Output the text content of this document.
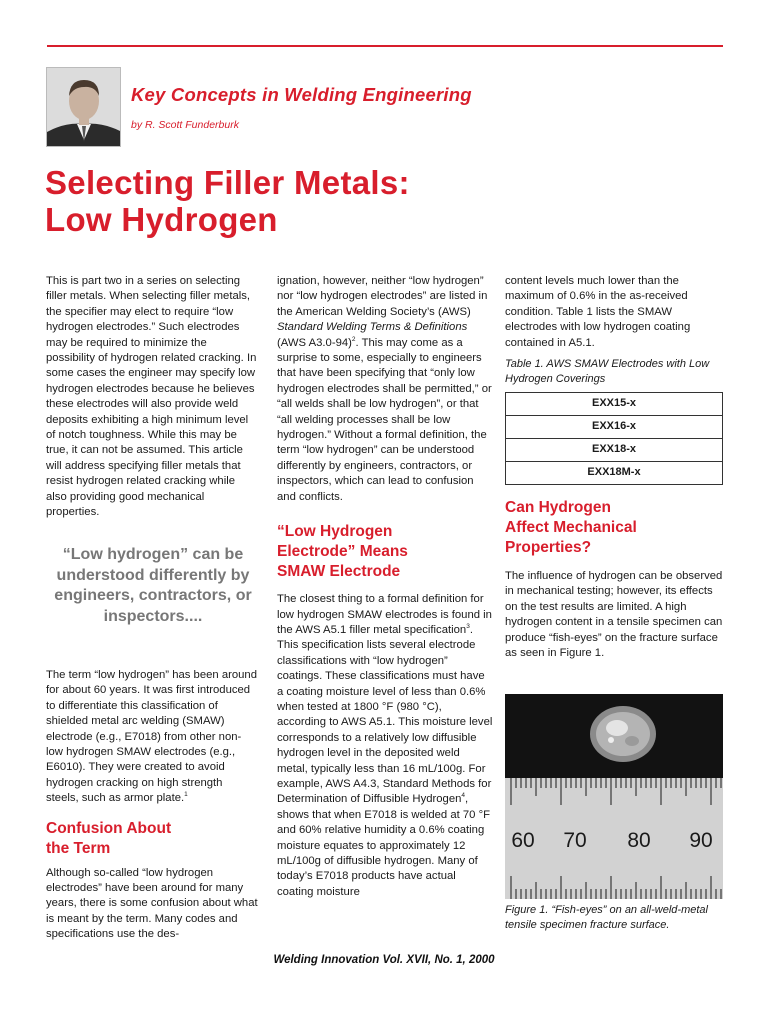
Key Concepts in Welding Engineering
by R. Scott Funderburk
Selecting Filler Metals:
Low Hydrogen

This is part two in a series on selecting filler metals. When selecting filler metals, the specifier may elect to require “low hydrogen electrodes.” Such electrodes may be required to minimize the possibility of hydrogen related cracking. In some cases the engineer may specify low hydrogen electrodes because he believes these electrodes will also provide weld deposits exhibiting a high minimum level of notch toughness. While this may be true, it can not be assumed. This article will address specifying filler metals that resist hydrogen related cracking while also providing good mechanical properties.

“Low hydrogen” can be understood differently by engineers, contractors, or inspectors....

The term “low hydrogen” has been around for about 60 years. It was first introduced to differentiate this classification of shielded metal arc welding (SMAW) electrode (e.g., E7018) from other non-low hydrogen SMAW electrodes (e.g., E6010). They were created to avoid hydrogen cracking on high strength steels, such as armor plate.$^1$

Confusion About
the Term

Although so-called “low hydrogen electrodes” have been around for many years, there is some confusion about what is meant by the term. Many codes and specifications use the des-

ignation, however, neither “low hydrogen” nor “low hydrogen electrodes” are listed in the American Welding Society’s (AWS) Standard Welding Terms & Definitions (AWS A3.0-94)$^2$. This may come as a surprise to some, especially to engineers that have been specifying that “only low hydrogen electrodes shall be permitted,” or “all welds shall be low hydrogen”, or that “all welding processes shall be low hydrogen.” Without a formal definition, the term “low hydrogen” can be understood differently by engineers, contractors, or inspectors, which can lead to confusion and conflicts.

“Low Hydrogen
Electrode” Means
SMAW Electrode

The closest thing to a formal definition for low hydrogen SMAW electrodes is found in the AWS A5.1 filler metal specification$^3$. This specification lists several electrode classifications with “low hydrogen” coatings. These classifications must have a coating moisture level of less than 0.6% when tested at 1800 °F (980 °C), according to AWS A5.1. This moisture level corresponds to a relatively low diffusible hydrogen level in the deposited weld metal, typically less than 16 mL/100g. For example, AWS A4.3, Standard Methods for Determination of Diffusible Hydrogen$^4$, shows that when E7018 is welded at 70 °F and 60% relative humidity a 0.6% coating moisture equates to approximately 12 mL/100g of diffusible hydrogen. Many of today’s E7018 products have actual coating moisture

content levels much lower than the maximum of 0.6% in the as-received condition. Table 1 lists the SMAW electrodes with low hydrogen coating contained in A5.1.

Table 1. AWS SMAW Electrodes with Low Hydrogen Coverings

EXX15-x
EXX16-x
EXX18-x
EXX18M-x
Can Hydrogen
Affect Mechanical
Properties?

The influence of hydrogen can be observed in mechanical testing; however, its effects on the test results are limited. A high hydrogen content in a tensile specimen can produce “fish-eyes” on the fracture surface as seen in Figure 1.

60 70 80 90
Figure 1. “Fish-eyes” on an all-weld-metal tensile specimen fracture surface.
Welding Innovation Vol. XVII, No. 1, 2000
